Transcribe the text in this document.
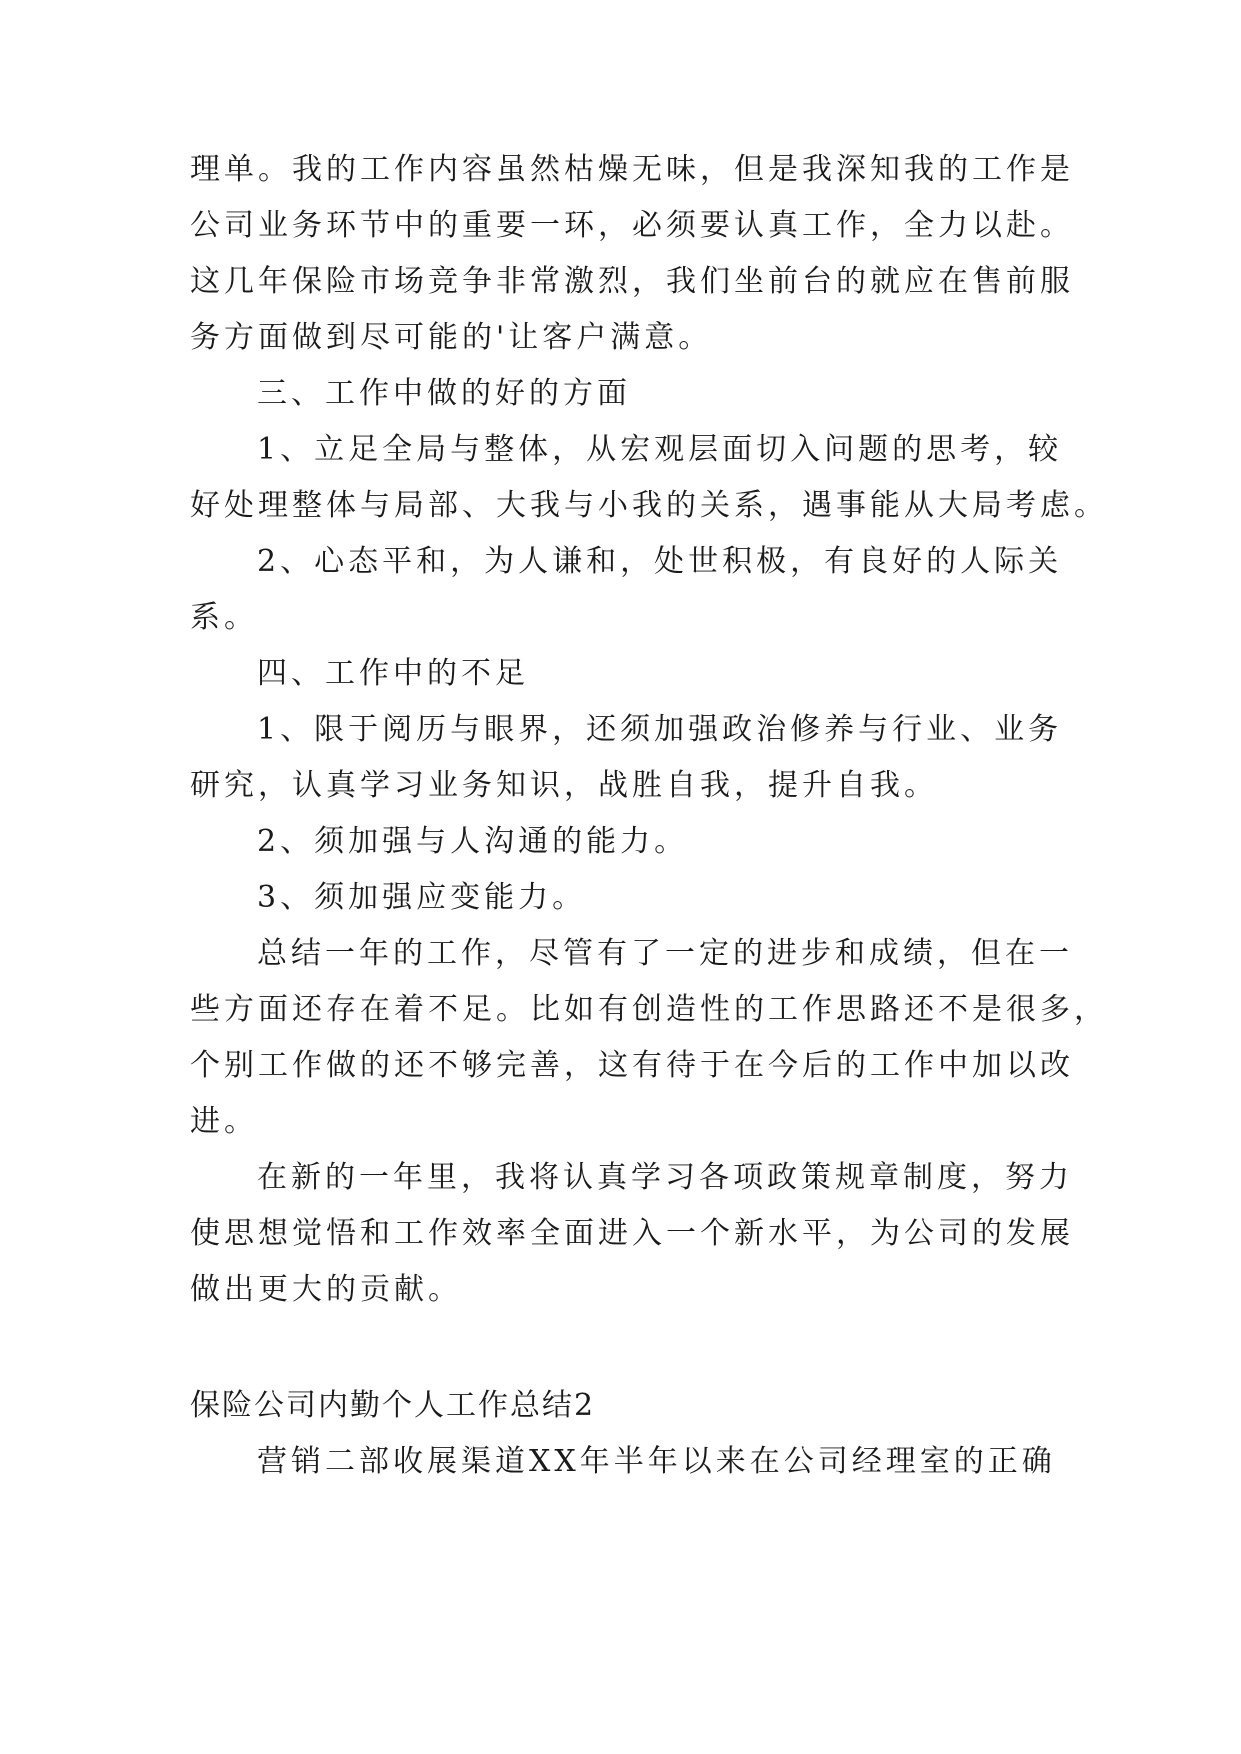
理单。我的工作内容虽然枯燥无味，但是我深知我的工作是
公司业务环节中的重要一环，必须要认真工作，全力以赴。
这几年保险市场竞争非常激烈，我们坐前台的就应在售前服
务方面做到尽可能的'让客户满意。
三、工作中做的好的方面
1、立足全局与整体，从宏观层面切入问题的思考，较
好处理整体与局部、大我与小我的关系，遇事能从大局考虑。
2、心态平和，为人谦和，处世积极，有良好的人际关
系。
四、工作中的不足
1、限于阅历与眼界，还须加强政治修养与行业、业务
研究，认真学习业务知识，战胜自我，提升自我。
2、须加强与人沟通的能力。
3、须加强应变能力。
总结一年的工作，尽管有了一定的进步和成绩，但在一
些方面还存在着不足。比如有创造性的工作思路还不是很多，
个别工作做的还不够完善，这有待于在今后的工作中加以改
进。
在新的一年里，我将认真学习各项政策规章制度，努力
使思想觉悟和工作效率全面进入一个新水平，为公司的发展
做出更大的贡献。
保险公司内勤个人工作总结2
营销二部收展渠道XX年半年以来在公司经理室的正确
